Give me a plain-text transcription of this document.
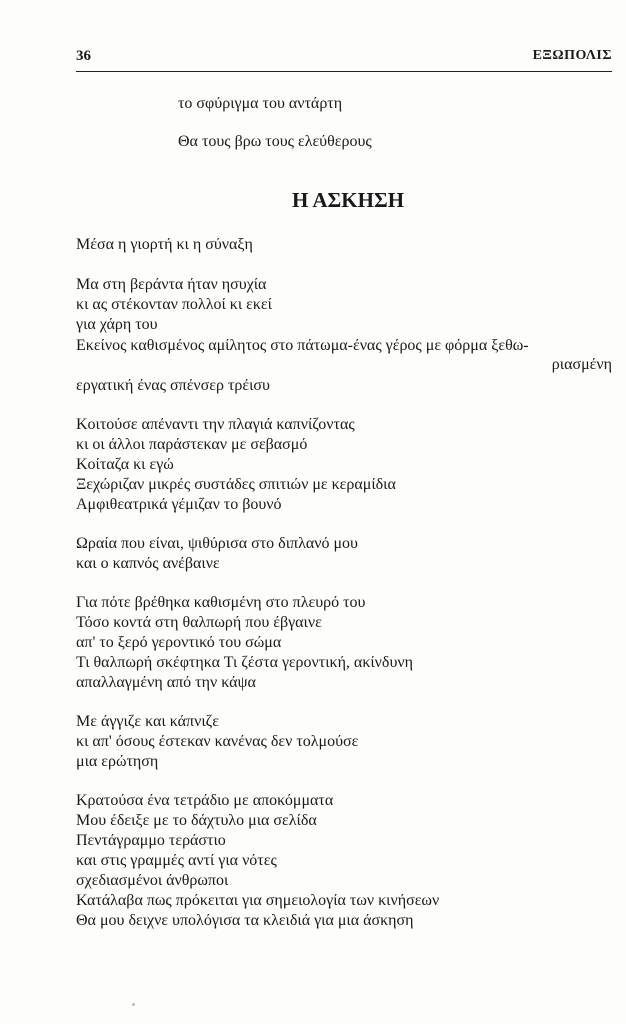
36	ΕΞΩΠΟΛΙΣ
το σφύριγμα του αντάρτη
Θα τους βρω τους ελεύθερους
Η ΑΣΚΗΣΗ
Μέσα η γιορτή κι η σύναξη
Μα στη βεράντα ήταν ησυχία
κι ας στέκονταν πολλοί κι εκεί
για χάρη του
Εκείνος καθισμένος αμίλητος στο πάτωμα-ένας γέρος με φόρμα ξεθω-
ριασμένη
εργατική ένας σπένσερ τρέισυ
Κοιτούσε απέναντι την πλαγιά καπνίζοντας
κι οι άλλοι παράστεκαν με σεβασμό
Κοίταζα κι εγώ
Ξεχώριζαν μικρές συστάδες σπιτιών με κεραμίδια
Αμφιθεατρικά γέμιζαν το βουνό
Ωραία που είναι, ψιθύρισα στο διπλανό μου
και ο καπνός ανέβαινε
Για πότε βρέθηκα καθισμένη στο πλευρό του
Τόσο κοντά στη θαλπωρή που έβγαινε
απ' το ξερό γεροντικό του σώμα
Τι θαλπωρή σκέφτηκα Τι ζέστα γεροντική, ακίνδυνη
απαλλαγμένη από την κάψα
Με άγγιζε και κάπνιζε
κι απ' όσους έστεκαν κανένας δεν τολμούσε
μια ερώτηση
Κρατούσα ένα τετράδιο με αποκόμματα
Μου έδειξε με το δάχτυλο μια σελίδα
Πεντάγραμμο τεράστιο
και στις γραμμές αντί για νότες
σχεδιασμένοι άνθρωποι
Κατάλαβα πως πρόκειται για σημειολογία των κινήσεων
Θα μου δειχνε υπολόγισα τα κλειδιά για μια άσκηση
